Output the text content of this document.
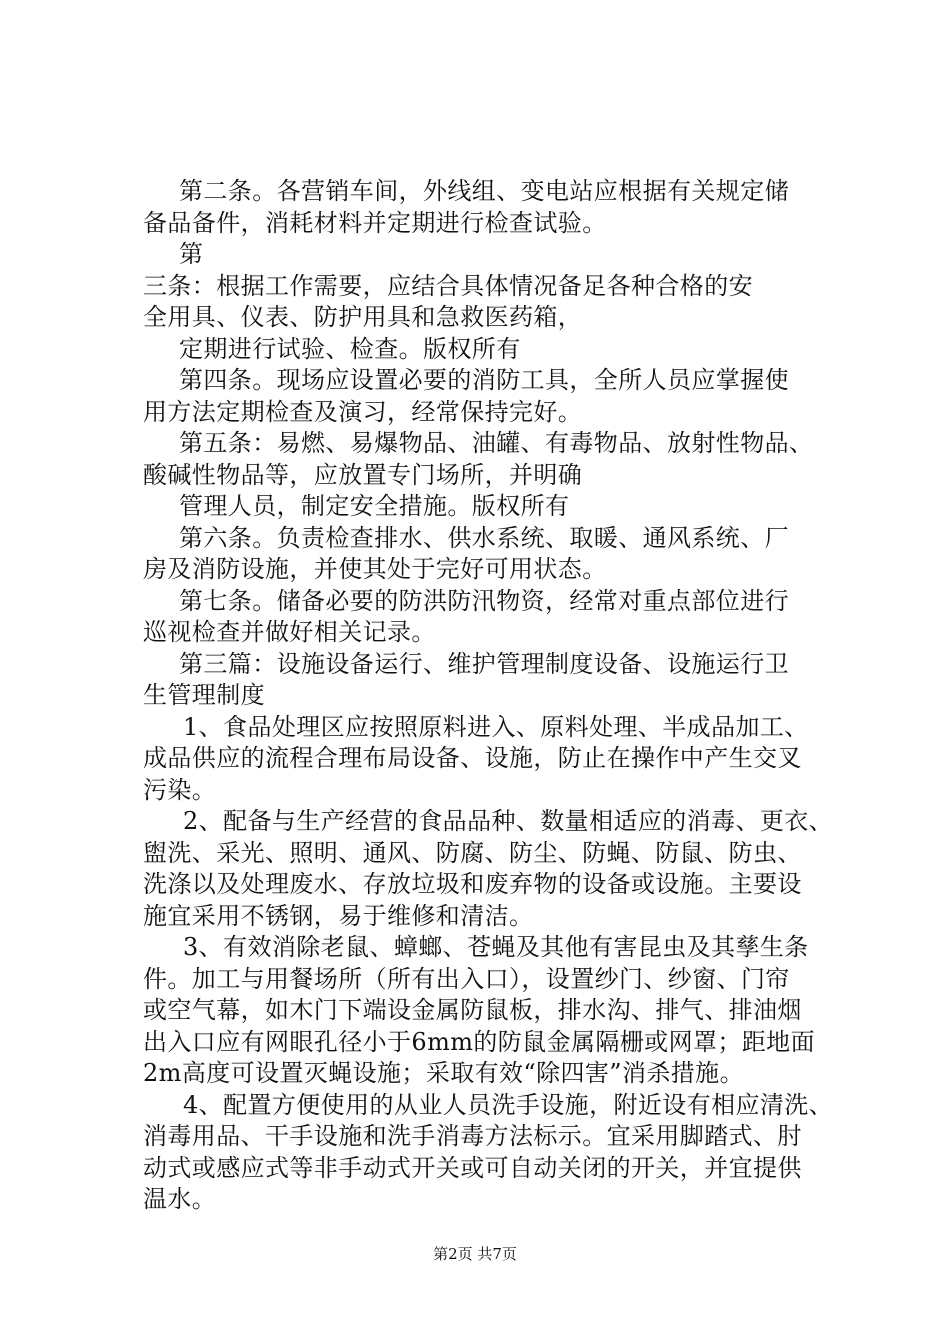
第二条。各营销车间，外线组、变电站应根据有关规定储
备品备件，消耗材料并定期进行检查试验。
第
三条：根据工作需要，应结合具体情况备足各种合格的安
全用具、仪表、防护用具和急救医药箱，
定期进行试验、检查。版权所有
第四条。现场应设置必要的消防工具，全所人员应掌握使
用方法定期检查及演习，经常保持完好。
第五条：易燃、易爆物品、油罐、有毒物品、放射性物品、
酸碱性物品等，应放置专门场所，并明确
管理人员，制定安全措施。版权所有
第六条。负责检查排水、供水系统、取暖、通风系统、厂
房及消防设施，并使其处于完好可用状态。
第七条。储备必要的防洪防汛物资，经常对重点部位进行
巡视检查并做好相关记录。
第三篇：设施设备运行、维护管理制度设备、设施运行卫
生管理制度
1、食品处理区应按照原料进入、原料处理、半成品加工、
成品供应的流程合理布局设备、设施，防止在操作中产生交叉
污染。
2、配备与生产经营的食品品种、数量相适应的消毒、更衣、
盥洗、采光、照明、通风、防腐、防尘、防蝇、防鼠、防虫、
洗涤以及处理废水、存放垃圾和废弃物的设备或设施。主要设
施宜采用不锈钢，易于维修和清洁。
3、有效消除老鼠、蟑螂、苍蝇及其他有害昆虫及其孳生条
件。加工与用餐场所（所有出入口），设置纱门、纱窗、门帘
或空气幕，如木门下端设金属防鼠板，排水沟、排气、排油烟
出入口应有网眼孔径小于6mm的防鼠金属隔栅或网罩；距地面
2m高度可设置灭蝇设施；采取有效“除四害”消杀措施。
4、配置方便使用的从业人员洗手设施，附近设有相应清洗、
消毒用品、干手设施和洗手消毒方法标示。宜采用脚踏式、肘
动式或感应式等非手动式开关或可自动关闭的开关，并宜提供
温水。
第2页 共7页
